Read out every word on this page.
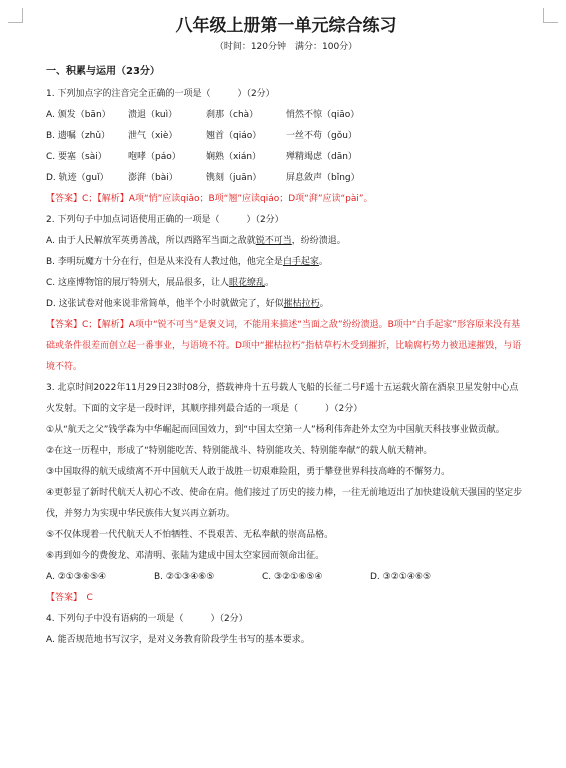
八年级上册第一单元综合练习
（时间：120分钟　满分：100分）
一、积累与运用（23分）
1. 下列加点字的注音完全正确的一项是（　　　）（2分）
A. 颁发（bān）	溃退（kuì）	刹那（chà）	悄然不惊（qiāo）
B. 遗嘱（zhǔ）	泄气（xiè）	翘首（qiáo）	一丝不苟（gǒu）
C. 要塞（sài）	咆哮（páo）	娴熟（xián）	殚精竭虑（dān）
D. 轨迹（guǐ）	澎湃（bài）	镌刻（juān）	屏息敛声（bǐng）
【答案】C；【解析】A项“悄”应读qiǎo；B项“翘”应读qiáo；D项“湃”应读“pài”。
2. 下列句子中加点词语使用正确的一项是（　　　）（2分）
A. 由于人民解放军英勇善战，所以西路军当面之敌就锐不可当，纷纷溃退。
B. 李明玩魔方十分在行，但是从来没有人教过他，他完全是白手起家。
C. 这座博物馆的展厅特别大，展品很多，让人眼花缭乱。
D. 这张试卷对他来说非常简单，他半个小时就做完了，好似摧枯拉朽。
【答案】C；【解析】A项中“锐不可当”是褒义词，不能用来描述“当面之敌”纷纷溃退。B项中“白手起家”形容原来没有基础或条件很差而创立起一番事业，与语境不符。D项中“摧枯拉朽”指枯草朽木受到摧折，比喻腐朽势力被迅速摧毁，与语境不符。
3. 北京时间2022年11月29日23时08分，搭载神舟十五号载人飞船的长征二号F遥十五运载火箭在酒泉卫星发射中心点火发射。下面的文字是一段时评，其顺序排列最合适的一项是（　　　）（2分）
①从“航天之父”钱学森为中华崛起而回国效力，到“中国太空第一人”杨利伟奔赴外太空为中国航天科技事业做贡献。
②在这一历程中，形成了“特别能吃苦、特别能战斗、特别能攻关、特别能奉献”的载人航天精神。
③中国取得的航天成绩离不开中国航天人敢于战胜一切艰难险阻，勇于攀登世界科技高峰的不懈努力。
④更彰显了新时代航天人初心不改、使命在肩。他们接过了历史的接力棒，一往无前地迈出了加快建设航天强国的坚定步伐，并努力为实现中华民族伟大复兴再立新功。
⑤不仅体现着一代代航天人不怕牺牲、不畏艰苦、无私奉献的崇高品格。
⑥再到如今的费俊龙、邓清明、张陆为建成中国太空家园而领命出征。
A. ②①③⑥⑤④	B. ②①③④⑥⑤	C. ③②①⑥⑤④	D. ③②①④⑥⑤
【答案】　C
4. 下列句子中没有语病的一项是（　　　）（2分）
A. 能否规范地书写汉字，是对义务教育阶段学生书写的基本要求。
